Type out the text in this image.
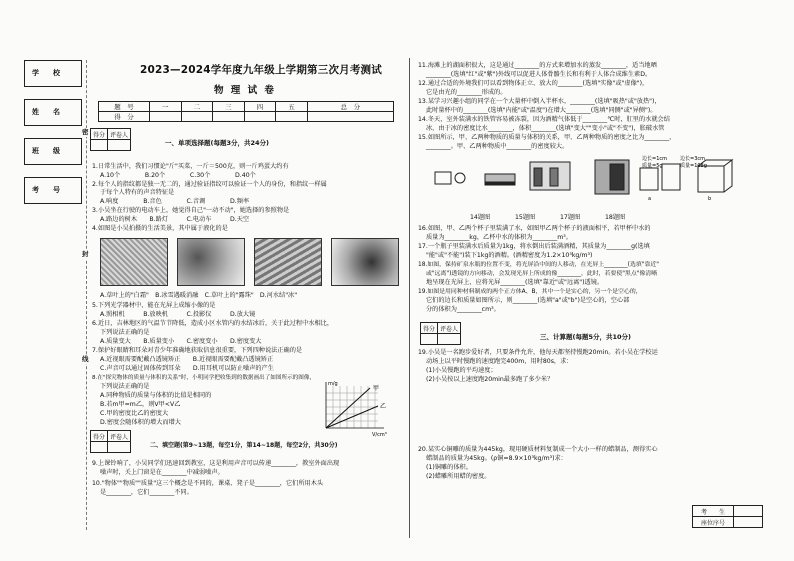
学　　校
姓　　名
班　　级
考　　号
密
封
线
2023—2024学年度九年级上学期第三次月考测试
物 理 试 卷
题　号	一	二	三	四	五	总　分
得　分						
得分	评卷人

一、单项选择题(每题3分，共24分)
1.日常生活中，我们习惯论"斤"买菜，一斤＝500克，则一斤鸡蛋大约有
A.10个　　　　B.20个　　　　C.30个　　　　D.40个
2.每个人的指纹都是独一无二的，通过验证指纹可以验证一个人的身份，和指纹一样属
于每个人特有的声音特征是
A.响度　　　　B.音色　　　　C.音调　　　　D.频率
3.小吴坐在行驶的电动车上，她觉得自己"一动不动"，她选择的参照物是
A.路边的树木　　B.路灯　　　C.电动车　　　D.天空
4.如图是小吴拍摄的生活美景，其中属于液化的是
A.草叶上的"白霜"　B.冰雪遇暖消融　C.草叶上的"露珠"　D.河水结"冰"
5.下列光学器材中，能在光屏上成缩小像的是
A.照相机　　　B.放映机　　　C.投影仪　　　D.放大镜
6.近日，吉林地区的气温节节降低，造成小区水管内的水结冰后，关于此过程中水相比，
下列说法正确的是
A.质量变大　　B.质量变小　　C.密度变小　　D.密度变大
7.保护好眼睛和耳朵对青少年准确地获取信息很重要，下列四种说法正确的是
A.近视眼需要配戴凸透镜矫正　　B.近视眼需要配戴凸透镜矫正
C.声音可以通过固体传到耳朵　　D.用耳机可以防止噪声的产生
8.在"探究物体的质量与体积的关系"时，小明同学把收集到的数据画出了如图所示的图像，
下列说法正确的是
A.同种物质的质量与体积的比值是相同的
B.若m甲=m乙，则V甲<V乙
C.甲的密度比乙的密度大
D.密度会随体积的增大而增大
m/g
V/cm³
甲
乙
得分	评卷人

二、填空题(第9~13题，每空1分，第14~18题，每空2分，共30分)
9.上课铃响了，小吴同学们迅速回到教室，这是利用声音可以传递________，教室外面出现
噪声时，关上门窗是在________中减弱噪声。
10."物体""物质""质量"这三个概念是不同的，课桌、凳子是________，它们所用木头
是________，它们________不同。
11.海滩上的湖面积很大，这是通过________的方式来增加水的蒸发________，适当地晒
________(选填"红"或"紫")外线可以促进人体骨骼生长和有利于人体合成维生素D。
12.通过合适的外境我们可以看到物体正立、放大的________(选填"实像"或"虚像")，
它是由光的________形成的。
13.某学习兴趣小组的同学在一个大量杯中倒入半杯水，________(选填"吸热"或"放热")，
此时量杯中的________(选填"内能"或"温度")在增大________(选填"同侧"或"异侧")。
14.冬天，室外装满水的铁管容易被冻裂，因为酒精气体低于________℃时，肛里的水就会结
冰，由于冰的密度比水________，体积________(选填"变大""变小"或"不变")，胀破水管
15.如图所示，甲、乙两种物质的质量与体积的关系，甲、乙两种物质的密度之比为________，
________。甲、乙两种物质中________的密度较大。
边长=3cm
质量=108g
边长=1cm
质量=5g
a	b
14题图　　　　15题图　　　　17题图　　　　18题图
16.如图，甲、乙两个杯子里装满了水，如图甲乙两个杯子的液面相平，若甲杯中水的
质量为________kg，乙杯中水的体积为________m³。
17.一个瓶子里装满水后质量为1kg，将水倒出后装满酒精，其质量为________g(选填
"能"或"不能")装下1kg的酒精。(酒精密度为1.2×10³kg/m³)
18.如图，保持矿泉水瓶的位置不变，将光屏沿中间的人移动，在光屏上________(选填"靠近"
或"远离")透镜的方向移动，会发现光屏上所成的像________，此时，若要使"黑点"像清晰
地呈现在光屏上，应将光屏________(选填"靠近"或"远离")透镜。
19.如图是用同种材料制成的两个正方体A、B，其中一个是实心的，另一个是空心的，
它们的边长和质量如图所示，则________(选填"a"或"b")是空心的，空心部
分的体积为________cm³。
得分	评卷人

三、计算题(每题5分，共10分)
19.小吴是一名跑步爱好者，只要条件允许，他每天都坚持慢跑20min。若小吴在学校运
动场上以平时慢跑的速度跑完400m，用时80s，求：
(1)小吴慢跑的平均速度；
(2)小吴按以上速度跑20min最多跑了多少米？
20.某实心铜雕的质量为445kg，现用硬质材料复制成一个大小一样的蜡制品，测得实心
蜡制品的质量为45kg。(ρ铜=8.9×10³kg/m³)求：
(1)铜雕的体积。
(2)蜡雕所用蜡的密度。
考　　生	
座位序号	
